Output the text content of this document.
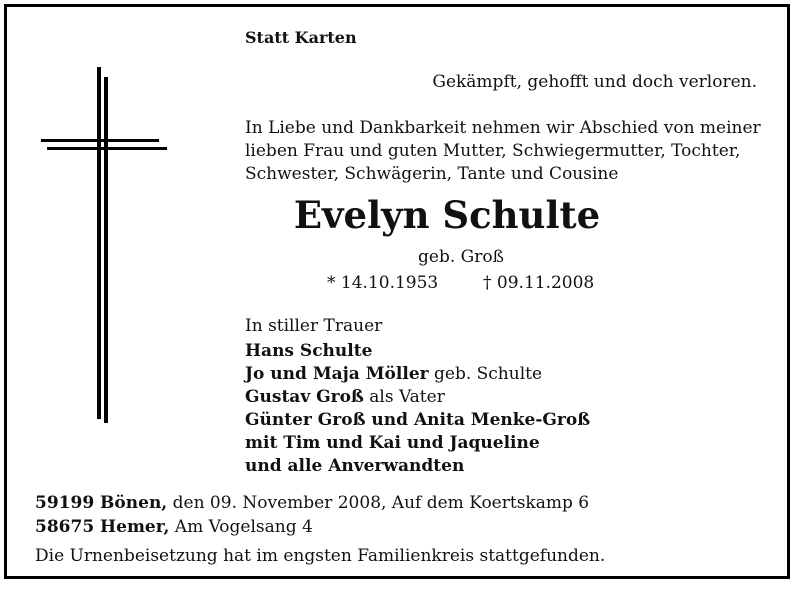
Statt Karten
Gekämpft, gehofft und doch verloren.
In Liebe und Dankbarkeit nehmen wir Abschied von meiner
lieben Frau und guten Mutter, Schwiegermutter, Tochter,
Schwester, Schwägerin, Tante und Cousine
Evelyn Schulte
geb. Groß
* 14.10.1953	† 09.11.2008
In stiller Trauer
Hans Schulte
Jo und Maja Möller geb. Schulte
Gustav Groß als Vater
Günter Groß und Anita Menke-Groß
mit Tim und Kai und Jaqueline
und alle Anverwandten
59199 Bönen, den 09. November 2008, Auf dem Koertskamp 6
58675 Hemer, Am Vogelsang 4
Die Urnenbeisetzung hat im engsten Familienkreis stattgefunden.
